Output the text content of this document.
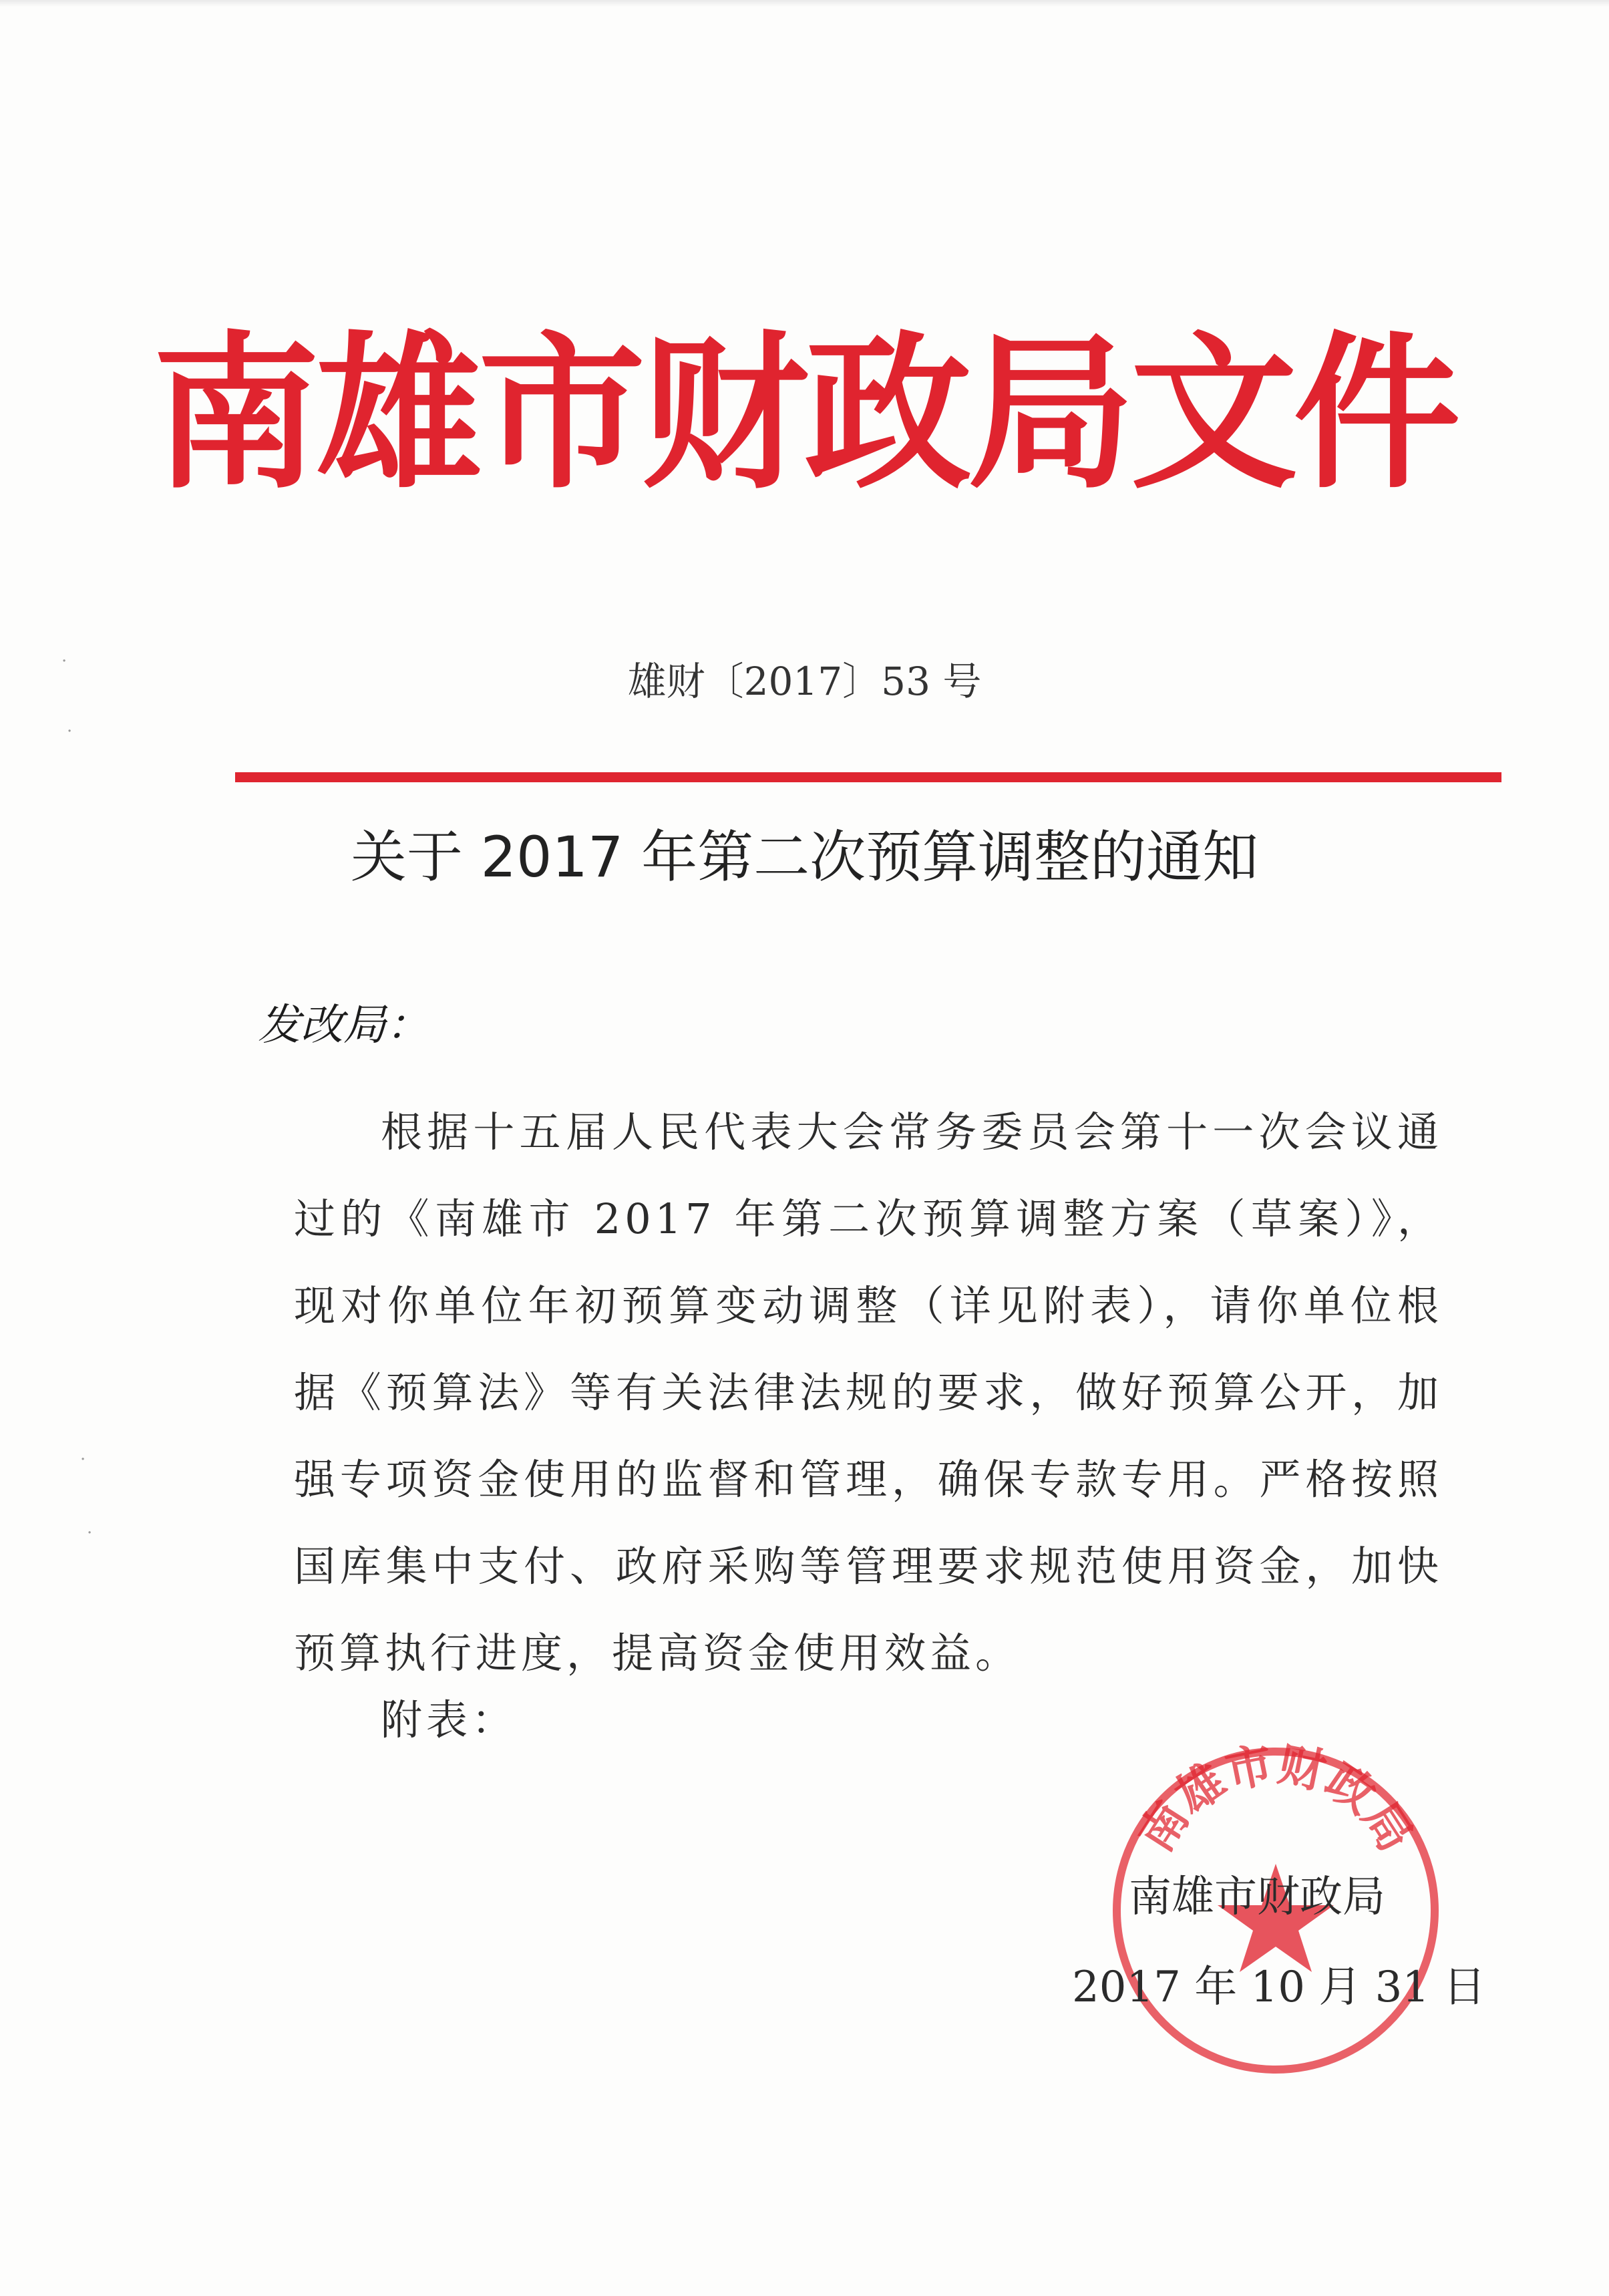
南雄市财政局文件
雄财〔2017〕53 号
关于 2017 年第二次预算调整的通知
发改局：
根据十五届人民代表大会常务委员会第十一次会议通过的《南雄市 2017 年第二次预算调整方案（草案）》，现对你单位年初预算变动调整（详见附表），请你单位根据《预算法》等有关法律法规的要求，做好预算公开，加强专项资金使用的监督和管理，确保专款专用。严格按照国库集中支付、政府采购等管理要求规范使用资金，加快预算执行进度，提高资金使用效益。
附表：
南雄市财政局
南雄市财政局
2017 年 10 月 31 日
·
·
·
·
